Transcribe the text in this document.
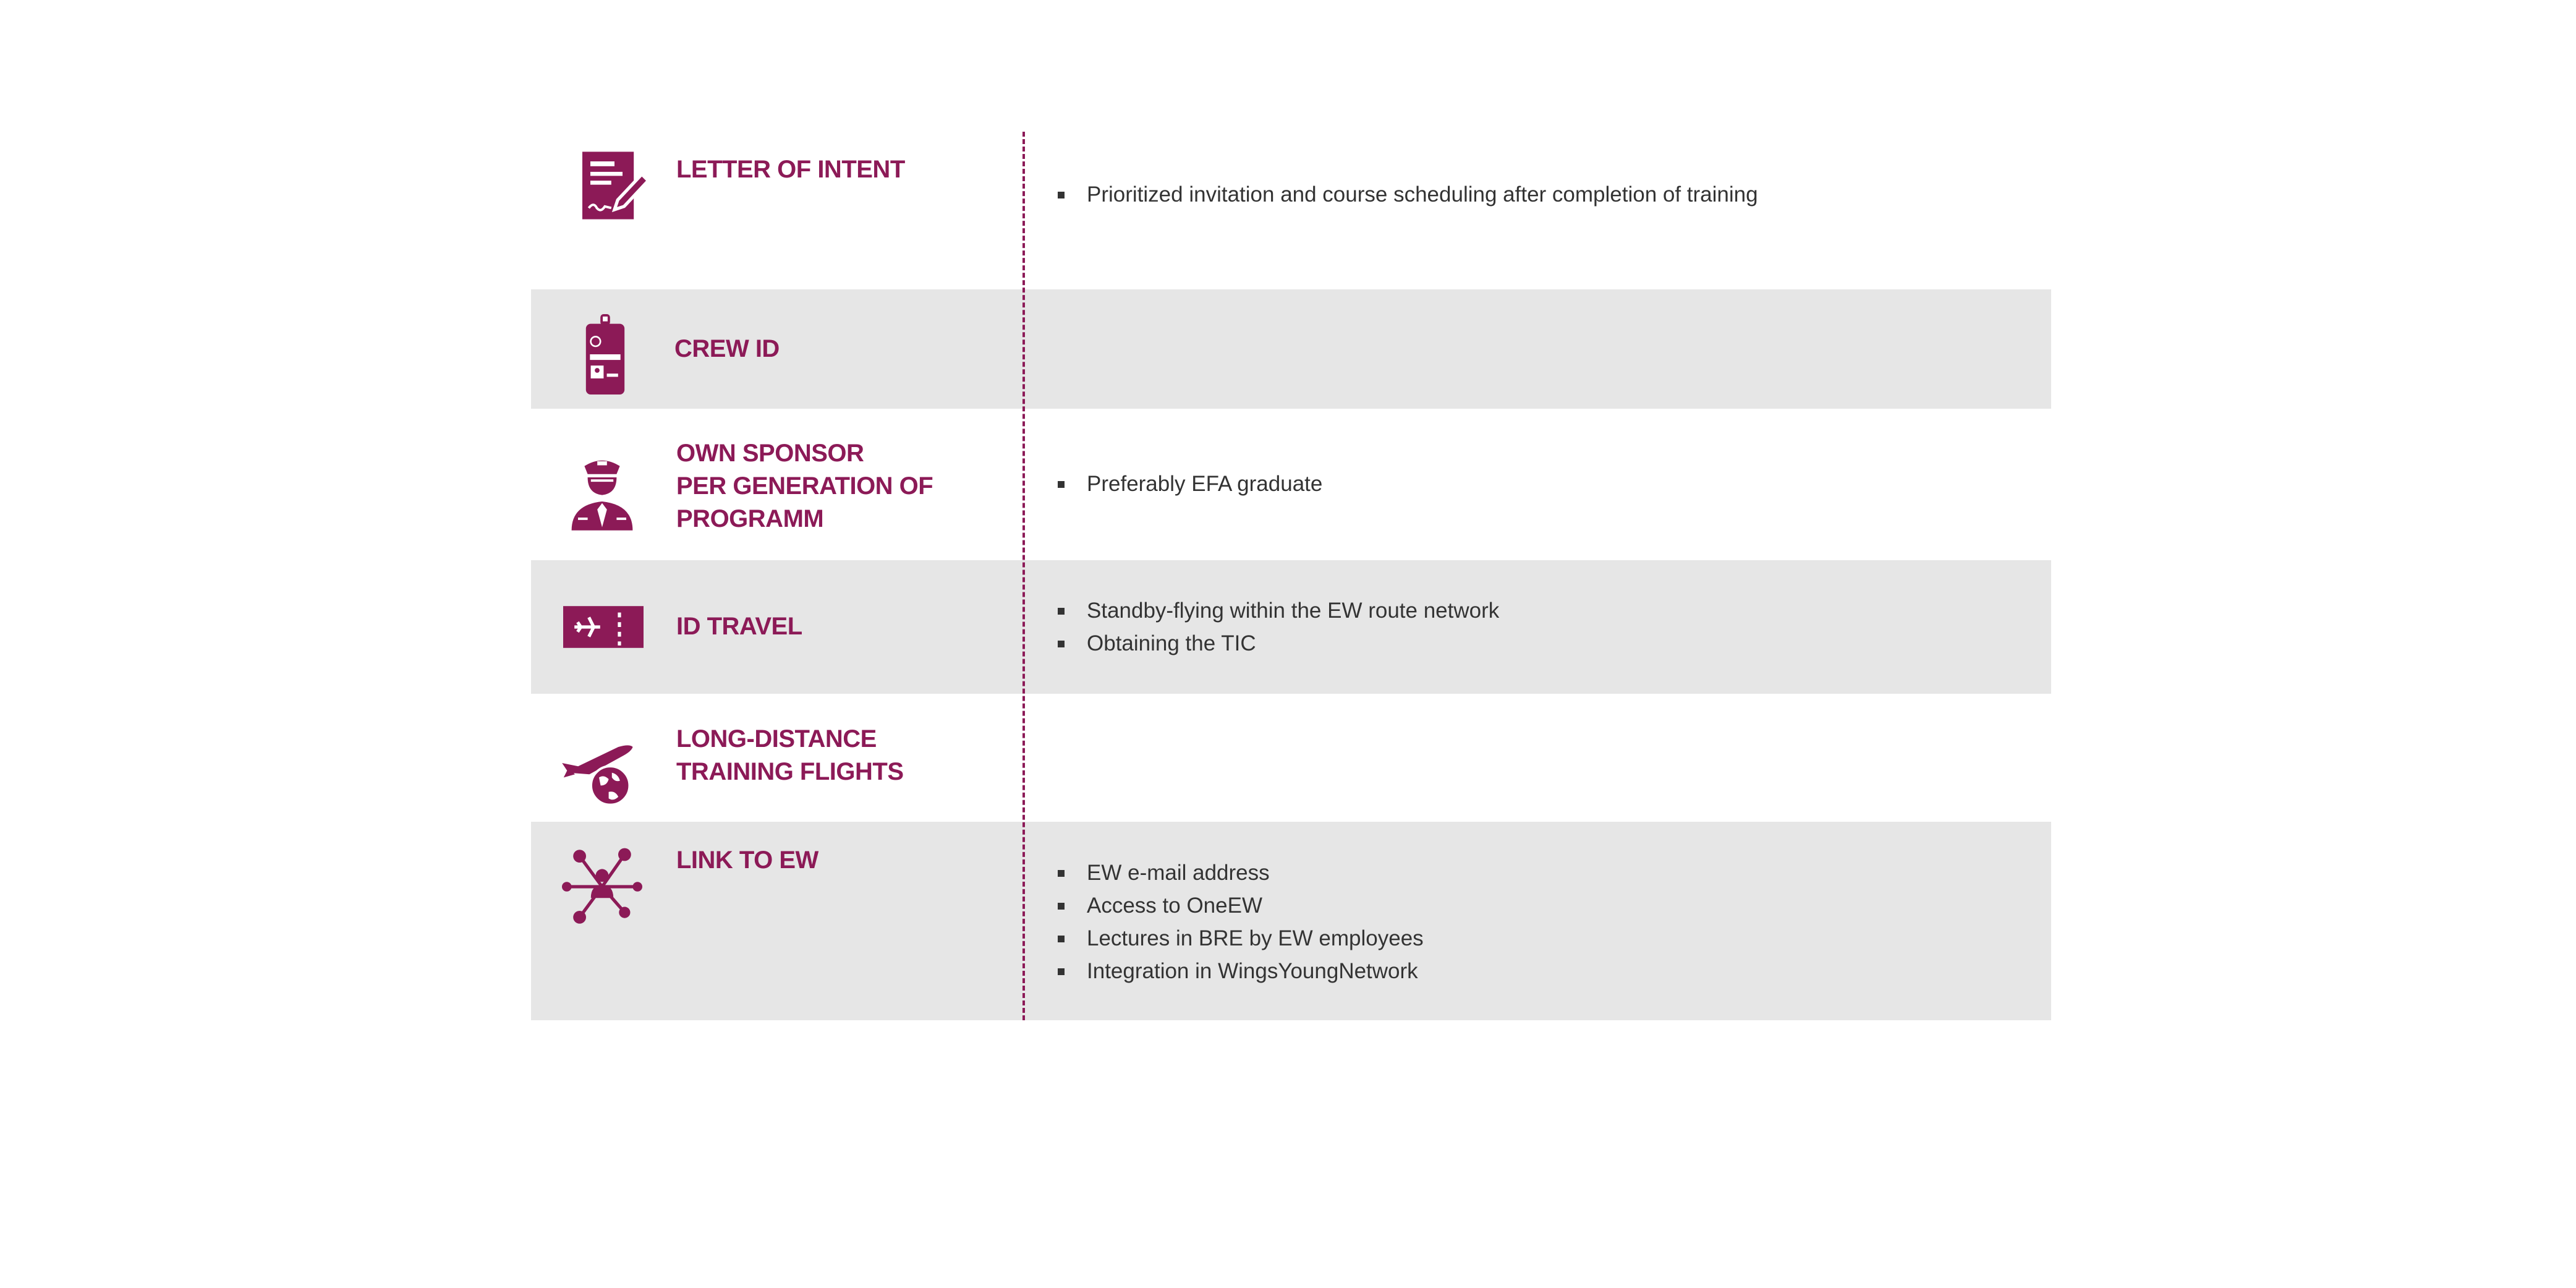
LETTER OF INTENT

Prioritized invitation and course scheduling after completion of training

CREW ID

OWN SPONSOR
PER GENERATION OF
PROGRAMM

Preferably EFA graduate

ID TRAVEL

Standby-flying within the EW route network
Obtaining the TIC

LONG-DISTANCE
TRAINING FLIGHTS

LINK TO EW	EW e-mail address
Access to OneEW
Lectures in BRE by EW employees
Integration in WingsYoungNetwork
